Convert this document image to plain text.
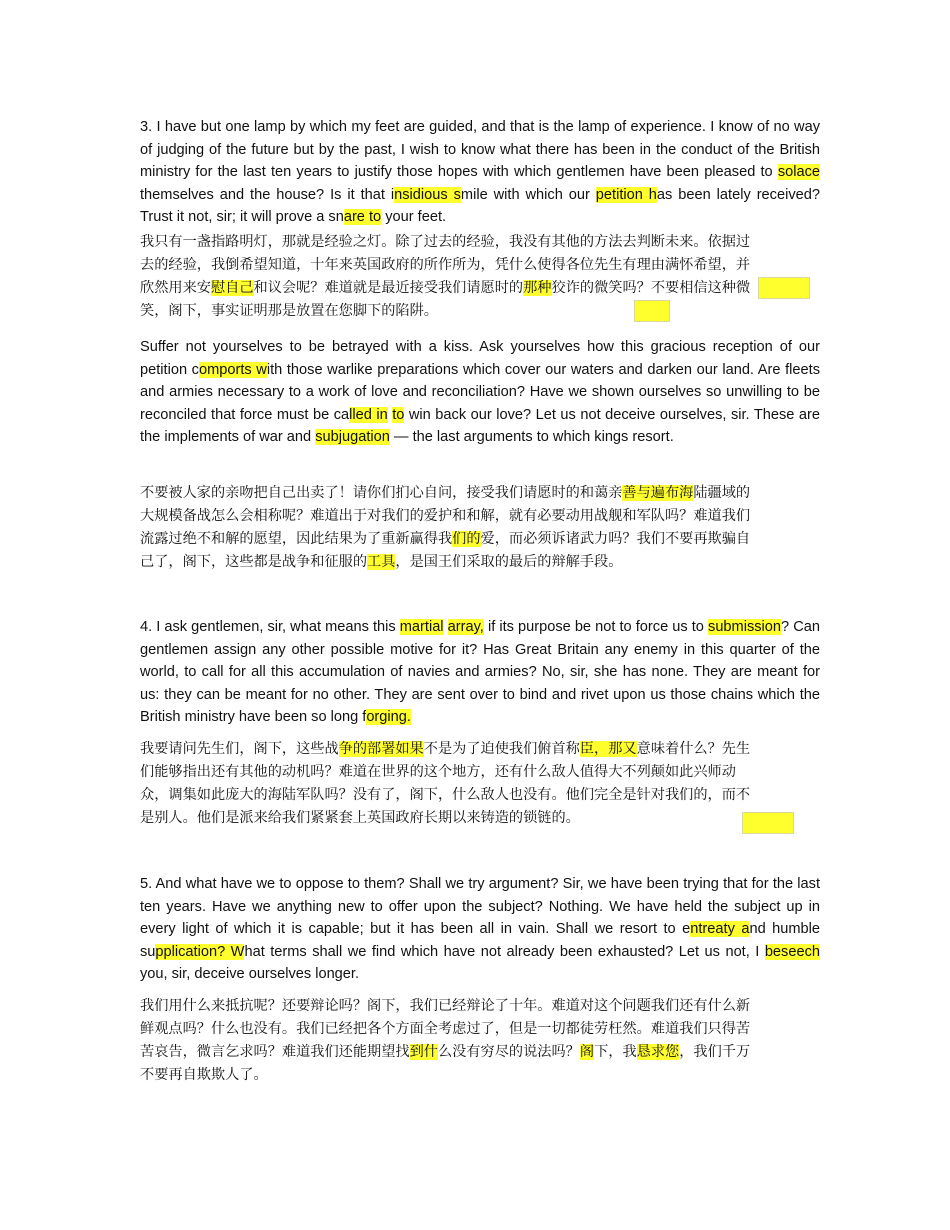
3. I have but one lamp by which my feet are guided, and that is the lamp of experience. I know of no way of judging of the future but by the past, I wish to know what there has been in the conduct of the British ministry for the last ten years to justify those hopes with which gentlemen have been pleased to solace themselves and the house? Is it that insidious smile with which our petition has been lately received? Trust it not, sir; it will prove a snare to your feet.

我只有一盏指路明灯，那就是经验之灯。除了过去的经验，我没有其他的方法去判断未来。依据过去的经验，我倒希望知道，十年来英国政府的所作所为，凭什么使得各位先生有理由满怀希望，并欣然用来安慰自己和议会呢？难道就是最近接受我们请愿时的那种狡诈的微笑吗？不要相信这种微笑，阁下，事实证明那是放置在您脚下的陷阱。

Suffer not yourselves to be betrayed with a kiss. Ask yourselves how this gracious reception of our petition comports with those warlike preparations which cover our waters and darken our land. Are fleets and armies necessary to a work of love and reconciliation? Have we shown ourselves so unwilling to be reconciled that force must be called in to win back our love? Let us not deceive ourselves, sir. These are the implements of war and subjugation — the last arguments to which kings resort.

不要被人家的亲吻把自己出卖了！请你们扪心自问，接受我们请愿时的和蔼亲善与遍布海陆疆域的大规模备战怎么会相称呢？难道出于对我们的爱护和和解，就有必要动用战舰和军队吗？难道我们流露过绝不和解的愿望，因此结果为了重新赢得我们的爱，而必须诉诸武力吗？我们不要再欺骗自己了，阁下，这些都是战争和征服的工具，是国王们采取的最后的辩解手段。

4. I ask gentlemen, sir, what means this martial array, if its purpose be not to force us to submission? Can gentlemen assign any other possible motive for it? Has Great Britain any enemy in this quarter of the world, to call for all this accumulation of navies and armies? No, sir, she has none. They are meant for us: they can be meant for no other. They are sent over to bind and rivet upon us those chains which the British ministry have been so long forging.

我要请问先生们，阁下，这些战争的部署如果不是为了迫使我们俯首称臣，那又意味着什么？先生们能够指出还有其他的动机吗？难道在世界的这个地方，还有什么敌人值得大不列颠如此兴师动众，调集如此庞大的海陆军队吗？没有了，阁下，什么敌人也没有。他们完全是针对我们的，而不是别人。他们是派来给我们紧紧套上英国政府长期以来铸造的锁链的。

5. And what have we to oppose to them? Shall we try argument? Sir, we have been trying that for the last ten years. Have we anything new to offer upon the subject? Nothing. We have held the subject up in every light of which it is capable; but it has been all in vain. Shall we resort to entreaty and humble supplication? What terms shall we find which have not already been exhausted? Let us not, I beseech you, sir, deceive ourselves longer.

我们用什么来抵抗呢？还要辩论吗？阁下，我们已经辩论了十年。难道对这个问题我们还有什么新鲜观点吗？什么也没有。我们已经把各个方面全考虑过了，但是一切都徒劳枉然。难道我们只得苦苦哀告，微言乞求吗？难道我们还能期望找到什么没有穷尽的说法吗？阁下，我恳求您，我们千万不要再自欺欺人了。
